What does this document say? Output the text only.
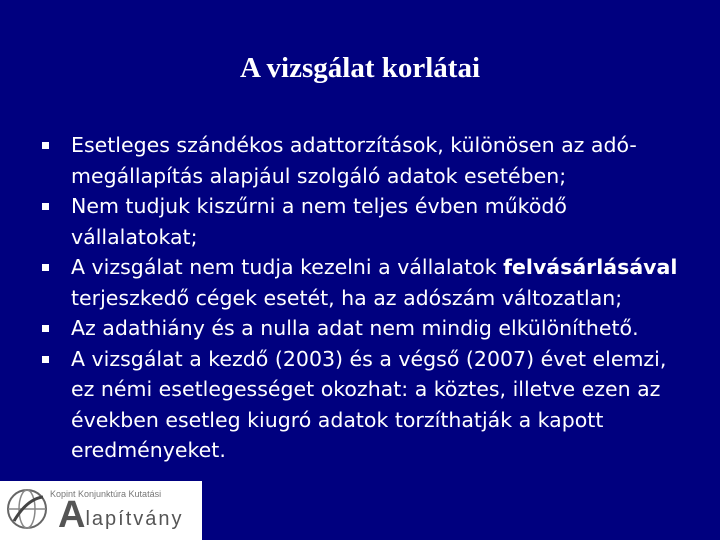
A vizsgálat korlátai
Esetleges szándékos adattorzítások, különösen az adó-megállapítás alapjául szolgáló adatok esetében;
Nem tudjuk kiszűrni a nem teljes évben működő vállalatokat;
A vizsgálat nem tudja kezelni a vállalatok felvásárlásával terjeszkedő cégek esetét, ha az adószám változatlan;
Az adathiány és a nulla adat nem mindig elkülöníthető.
A vizsgálat a kezdő (2003) és a végső (2007) évet elemzi, ez némi esetlegességet okozhat: a köztes, illetve ezen az években esetleg kiugró adatok torzíthatják a kapott eredményeket.
Kopint Konjunktúra Kutatási
Alapítvány
